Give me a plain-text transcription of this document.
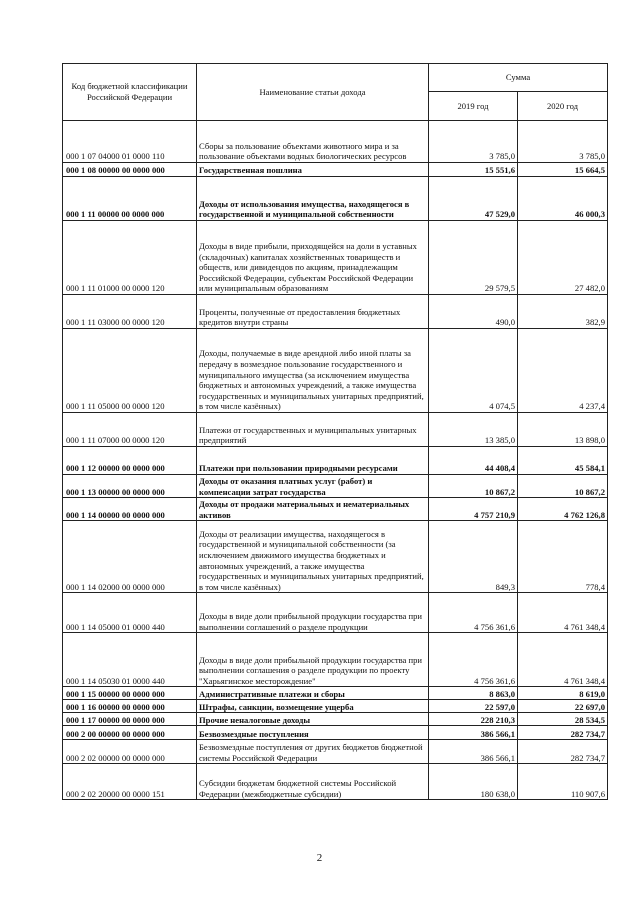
Код бюджетной классификации Российской Федерации	Наименование статьи дохода	Сумма	
		2019 год	2020 год
000 1 07 04000 01 0000 110	Сборы за пользование объектами животного мира и за пользование объектами водных биологических ресурсов	3 785,0	3 785,0
000 1 08 00000 00 0000 000	Государственная пошлина	15 551,6	15 664,5
000 1 11 00000 00 0000 000	Доходы от использования имущества, находящегося в государственной и муниципальной собственности	47 529,0	46 000,3
000 1 11 01000 00 0000 120	Доходы в виде прибыли, приходящейся на доли в уставных (складочных) капиталах хозяйственных товариществ и обществ, или дивидендов по акциям, принадлежащим Российской Федерации, субъектам Российской Федерации или муниципальным образованиям	29 579,5	27 482,0
000 1 11 03000 00 0000 120	Проценты, полученные от предоставления бюджетных кредитов внутри страны	490,0	382,9
000 1 11 05000 00 0000 120	Доходы, получаемые в виде арендной либо иной платы за передачу в возмездное пользование государственного и муниципального имущества (за исключением имущества бюджетных и автономных учреждений, а также имущества государственных и муниципальных унитарных предприятий, в том числе казённых)	4 074,5	4 237,4
000 1 11 07000 00 0000 120	Платежи от государственных и муниципальных унитарных предприятий	13 385,0	13 898,0
000 1 12 00000 00 0000 000	Платежи при пользовании природными ресурсами	44 408,4	45 584,1
000 1 13 00000 00 0000 000	Доходы от оказания платных услуг (работ) и компенсации затрат государства	10 867,2	10 867,2
000 1 14 00000 00 0000 000	Доходы от продажи материальных и нематериальных активов	4 757 210,9	4 762 126,8
000 1 14 02000 00 0000 000	Доходы от реализации имущества, находящегося в государственной и муниципальной собственности (за исключением движимого имущества бюджетных и автономных учреждений, а также имущества государственных и муниципальных унитарных предприятий, в том числе казённых)	849,3	778,4
000 1 14 05000 01 0000 440	Доходы в виде доли прибыльной продукции государства при выполнении соглашений о разделе продукции	4 756 361,6	4 761 348,4
000 1 14 05030 01 0000 440	Доходы в виде доли прибыльной продукции государства при выполнении соглашения о разделе продукции по проекту "Харьягинское месторождение"	4 756 361,6	4 761 348,4
000 1 15 00000 00 0000 000	Административные платежи и сборы	8 863,0	8 619,0
000 1 16 00000 00 0000 000	Штрафы, санкции, возмещение ущерба	22 597,0	22 697,0
000 1 17 00000 00 0000 000	Прочие неналоговые доходы	228 210,3	28 534,5
000 2 00 00000 00 0000 000	Безвозмездные поступления	386 566,1	282 734,7
000 2 02 00000 00 0000 000	Безвозмездные поступления от других бюджетов бюджетной системы Российской Федерации	386 566,1	282 734,7
000 2 02 20000 00 0000 151	Субсидии бюджетам бюджетной системы Российской Федерации (межбюджетные субсидии)	180 638,0	110 907,6
2
